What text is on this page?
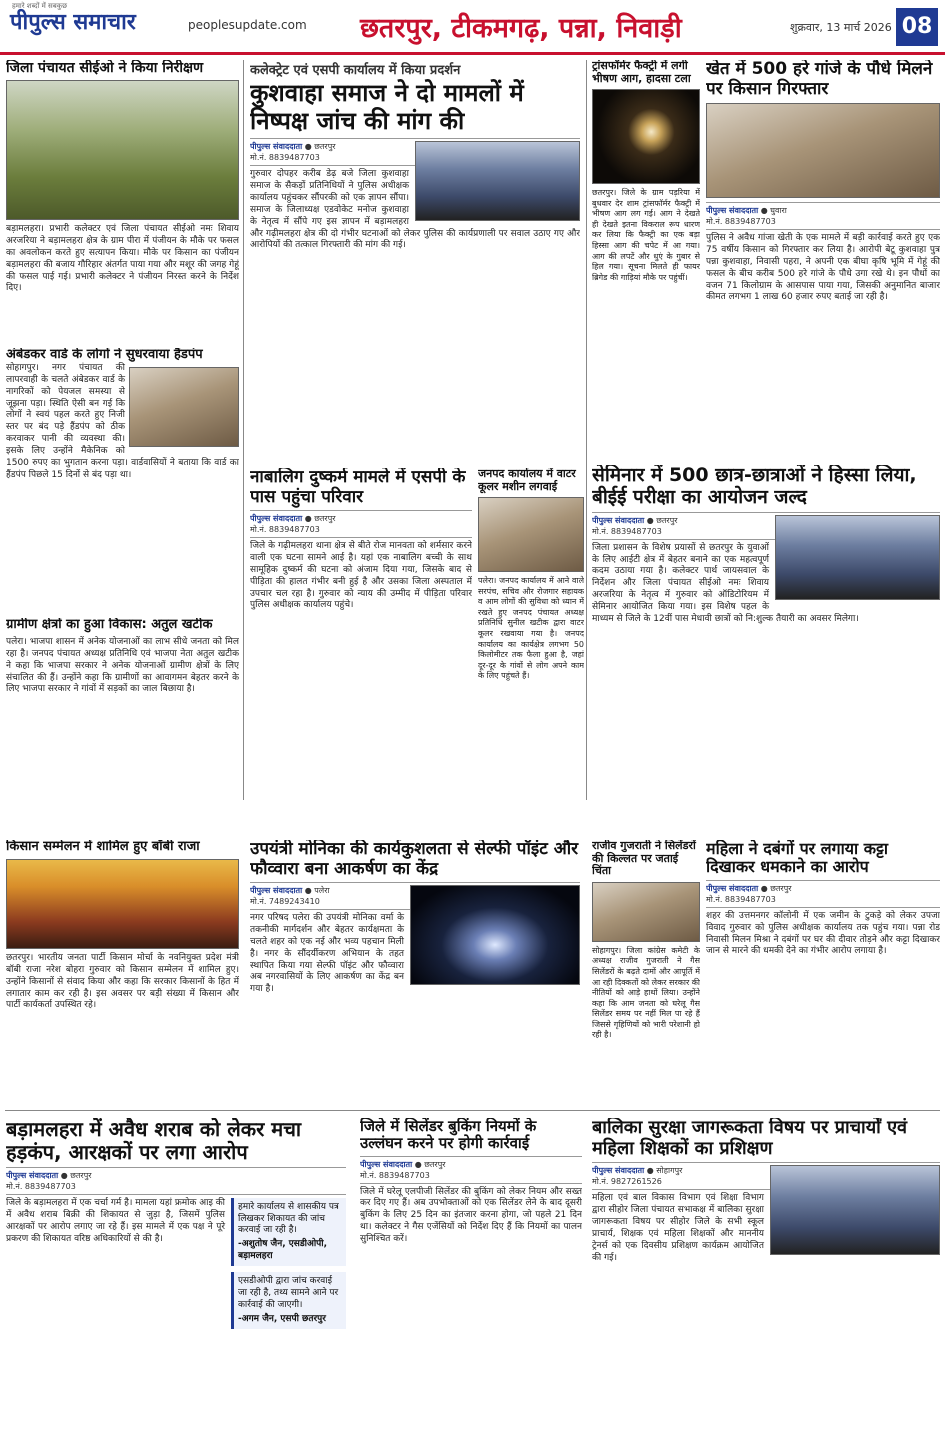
हमारे शब्दों में सबकुछ
पीपुल्स समाचार	peoplesupdate.com छतरपुर, टीकमगढ़, पन्ना, निवाड़ी	शुक्रवार, 13 मार्च 2026 08
जिला पंचायत सीईओ ने किया निरीक्षण
बड़ामलहरा। प्रभारी कलेक्टर एवं जिला पंचायत सीईओ नमः शिवाय अरजरिया ने बड़ामलहरा क्षेत्र के ग्राम पीरा में पंजीयन के मौके पर फसल का अवलोकन करते हुए सत्यापन किया। मौके पर किसान का पंजीयन बड़ामलहरा की बजाय गौरिहार अंतर्गत पाया गया और मशूर की जगह गेहूं की फसल पाई गई। प्रभारी कलेक्टर ने पंजीयन निरस्त करने के निर्देश दिए।
अंबेडकर वार्ड के लोगों ने सुधरवाया हैंडपंप
सोहागपुर। नगर पंचायत की लापरवाही के चलते अंबेडकर वार्ड के नागरिकों को पेयजल समस्या से जूझना पड़ा। स्थिति ऐसी बन गई कि लोगों ने स्वयं पहल करते हुए निजी स्तर पर बंद पड़े हैंडपंप को ठीक करवाकर पानी की व्यवस्था की। इसके लिए उन्होंने मैकेनिक को 1500 रुपए का भुगतान करना पड़ा। वार्डवासियों ने बताया कि वार्ड का हैंडपंप पिछले 15 दिनों से बंद पड़ा था।
ग्रामीण क्षेत्रों का हुआ विकास: अतुल खटीक
पलेरा। भाजपा शासन में अनेक योजनाओं का लाभ सीधे जनता को मिल रहा है। जनपद पंचायत अध्यक्ष प्रतिनिधि एवं भाजपा नेता अतुल खटीक ने कहा कि भाजपा सरकार ने अनेक योजनाओं ग्रामीण क्षेत्रों के लिए संचालित की हैं। उन्होंने कहा कि ग्रामीणों का आवागमन बेहतर करने के लिए भाजपा सरकार ने गांवों में सड़कों का जाल बिछाया है।
कलेक्ट्रेट एवं एसपी कार्यालय में किया प्रदर्शन
कुशवाहा समाज ने दो मामलों में निष्पक्ष जांच की मांग की
पीपुल्स संवाददाता ● छतरपुर
मो.नं. 8839487703
गुरुवार दोपहर करीब डेढ़ बजे जिला कुशवाहा समाज के सैकड़ों प्रतिनिधियों ने पुलिस अधीक्षक कार्यालय पहुंचकर सौंपरकी को एक ज्ञापन सौंपा। समाज के जिलाध्यक्ष एडवोकेट मनोज कुशवाहा के नेतृत्व में सौंपे गए इस ज्ञापन में बड़ामलहरा और गढ़ीमलहरा क्षेत्र की दो गंभीर घटनाओं को लेकर पुलिस की कार्यप्रणाली पर सवाल उठाए गए और आरोपियों की तत्काल गिरफ्तारी की मांग की गई।
ट्रांसफॉर्मर फैक्ट्री में लगी भीषण आग, हादसा टला
छतरपुर। जिले के ग्राम पड़रिया में बुधवार देर शाम ट्रांसफॉर्मर फैक्ट्री में भीषण आग लग गई। आग ने देखते ही देखते इतना विकराल रूप धारण कर लिया कि फैक्ट्री का एक बड़ा हिस्सा आग की चपेट में आ गया। आग की लपटें और धुएं के गुबार से हिल गया। सूचना मिलते ही फायर ब्रिगेड की गाड़ियां मौके पर पहुंचीं।
खेत में 500 हरे गांजे के पौधे मिलने पर किसान गिरफ्तार
पीपुल्स संवाददाता ● घुवारा
मो.नं. 8839487703
पुलिस ने अवैध गांजा खेती के एक मामले में बड़ी कार्रवाई करते हुए एक 75 वर्षीय किसान को गिरफ्तार कर लिया है। आरोपी बेटू कुशवाहा पुत्र पन्ना कुशवाहा, निवासी पहरा, ने अपनी एक बीघा कृषि भूमि में गेहूं की फसल के बीच करीब 500 हरे गांजे के पौधे उगा रखे थे। इन पौधों का वजन 71 किलोग्राम के आसपास पाया गया, जिसकी अनुमानित बाजार कीमत लगभग 1 लाख 60 हजार रुपए बताई जा रही है।
नाबालिग दुष्कर्म मामले में एसपी के पास पहुंचा परिवार
पीपुल्स संवाददाता ● छतरपुर
मो.नं. 8839487703
जिले के गढ़ीमलहरा थाना क्षेत्र से बीते रोज मानवता को शर्मसार करने वाली एक घटना सामने आई है। यहां एक नाबालिग बच्ची के साथ सामूहिक दुष्कर्म की घटना को अंजाम दिया गया, जिसके बाद से पीड़िता की हालत गंभीर बनी हुई है और उसका जिला अस्पताल में उपचार चल रहा है। गुरुवार को न्याय की उम्मीद में पीड़िता परिवार पुलिस अधीक्षक कार्यालय पहुंचे।
जनपद कार्यालय में वाटर कूलर मशीन लगवाई
पलेरा। जनपद कार्यालय में आने वाले सरपंच, सचिव और रोजगार सहायक व आम लोगों की सुविधा को ध्यान में रखते हुए जनपद पंचायत अध्यक्ष प्रतिनिधि सुनील खटीक द्वारा वाटर कूलर रखवाया गया है। जनपद कार्यालय का कार्यक्षेत्र लगभग 50 किलोमीटर तक फैला हुआ है, जहां दूर-दूर के गांवों से लोग अपने काम के लिए पहुंचते हैं।
सेमिनार में 500 छात्र-छात्राओं ने हिस्सा लिया, बीईई परीक्षा का आयोजन जल्द
पीपुल्स संवाददाता ● छतरपुर
मो.नं. 8839487703
जिला प्रशासन के विशेष प्रयासों से छतरपुर के युवाओं के लिए आईटी क्षेत्र में बेहतर बनाने का एक महत्वपूर्ण कदम उठाया गया है। कलेक्टर पार्थ जायसवाल के निर्देशन और जिला पंचायत सीईओ नमः शिवाय अरजरिया के नेतृत्व में गुरुवार को ऑडिटोरियम में सेमिनार आयोजित किया गया। इस विशेष पहल के माध्यम से जिले के 12वीं पास मेधावी छात्रों को नि:शुल्क तैयारी का अवसर मिलेगा।
किसान सम्मेलन में शामिल हुए बॉबी राजा
छतरपुर। भारतीय जनता पार्टी किसान मोर्चा के नवनियुक्त प्रदेश मंत्री बॉबी राजा नरेश बोहरा गुरुवार को किसान सम्मेलन में शामिल हुए। उन्होंने किसानों से संवाद किया और कहा कि सरकार किसानों के हित में लगातार काम कर रही है। इस अवसर पर बड़ी संख्या में किसान और पार्टी कार्यकर्ता उपस्थित रहे।
उपयंत्री मोनिका की कार्यकुशलता से सेल्फी पॉइंट और फौव्वारा बना आकर्षण का केंद्र
पीपुल्स संवाददाता ● पलेरा
मो.नं. 7489243410
नगर परिषद पलेरा की उपयंत्री मोनिका वर्मा के तकनीकी मार्गदर्शन और बेहतर कार्यक्षमता के चलते शहर को एक नई और भव्य पहचान मिली है। नगर के सौंदर्यीकरण अभियान के तहत स्थापित किया गया सेल्फी पॉइंट और फौव्वारा अब नगरवासियों के लिए आकर्षण का केंद्र बन गया है।
राजीव गुजराती ने सिलेंडरों की किल्लत पर जताई चिंता
सोहागपुर। जिला कांग्रेस कमेटी के अध्यक्ष राजीव गुजराती ने गैस सिलेंडरों के बढ़ते दामों और आपूर्ति में आ रही दिक्कतों को लेकर सरकार की नीतियों को आड़े हाथों लिया। उन्होंने कहा कि आम जनता को घरेलू गैस सिलेंडर समय पर नहीं मिल पा रहे हैं जिससे गृहिणियों को भारी परेशानी हो रही है।
महिला ने दबंगों पर लगाया कट्टा दिखाकर धमकाने का आरोप
पीपुल्स संवाददाता ● छतरपुर
मो.नं. 8839487703
शहर की उत्तमनगर कॉलोनी में एक जमीन के टुकड़े को लेकर उपजा विवाद गुरुवार को पुलिस अधीक्षक कार्यालय तक पहुंच गया। पन्ना रोड निवासी मिलन मिश्रा ने दबंगों पर घर की दीवार तोड़ने और कट्टा दिखाकर जान से मारने की धमकी देने का गंभीर आरोप लगाया है।
बड़ामलहरा में अवैध शराब को लेकर मचा हड़कंप, आरक्षकों पर लगा आरोप
पीपुल्स संवाददाता ● छतरपुर
मो.नं. 8839487703
जिले के बड़ामलहरा में एक चर्चा गर्म है। मामला यहां फ्रमोक आइ की में अवैध शराब बिक्री की शिकायत से जुड़ा है, जिसमें पुलिस आरक्षकों पर आरोप लगाए जा रहे हैं। इस मामले में एक पक्ष ने पूरे प्रकरण की शिकायत वरिष्ठ अधिकारियों से की है।
हमारे कार्यालय से शासकीय पत्र लिखकर शिकायत की जांच करवाई जा रही है।
-अशुतोष जैन, एसडीओपी, बड़ामलहरा
एसडीओपी द्वारा जांच करवाई जा रही है, तथ्य सामने आने पर कार्रवाई की जाएगी।
-अगम जैन, एसपी छतरपुर
जिले में सिलेंडर बुकिंग नियमों के उल्लंघन करने पर होगी कार्रवाई
पीपुल्स संवाददाता ● छतरपुर
मो.नं. 8839487703
जिले में घरेलू एलपीजी सिलेंडर की बुकिंग को लेकर नियम और सख्त कर दिए गए हैं। अब उपभोक्ताओं को एक सिलेंडर लेने के बाद दूसरी बुकिंग के लिए 25 दिन का इंतजार करना होगा, जो पहले 21 दिन था। कलेक्टर ने गैस एजेंसियों को निर्देश दिए हैं कि नियमों का पालन सुनिश्चित करें।
बालिका सुरक्षा जागरूकता विषय पर प्राचार्यों एवं महिला शिक्षकों का प्रशिक्षण
पीपुल्स संवाददाता ● सोहागपुर
मो.नं. 9827261526
महिला एवं बाल विकास विभाग एवं शिक्षा विभाग द्वारा सीहोर जिला पंचायत सभाकक्ष में बालिका सुरक्षा जागरूकता विषय पर सीहोर जिले के सभी स्कूल प्राचार्य, शिक्षक एवं महिला शिक्षकों और माननीय ट्रेनर्स को एक दिवसीय प्रशिक्षण कार्यक्रम आयोजित की गई।
